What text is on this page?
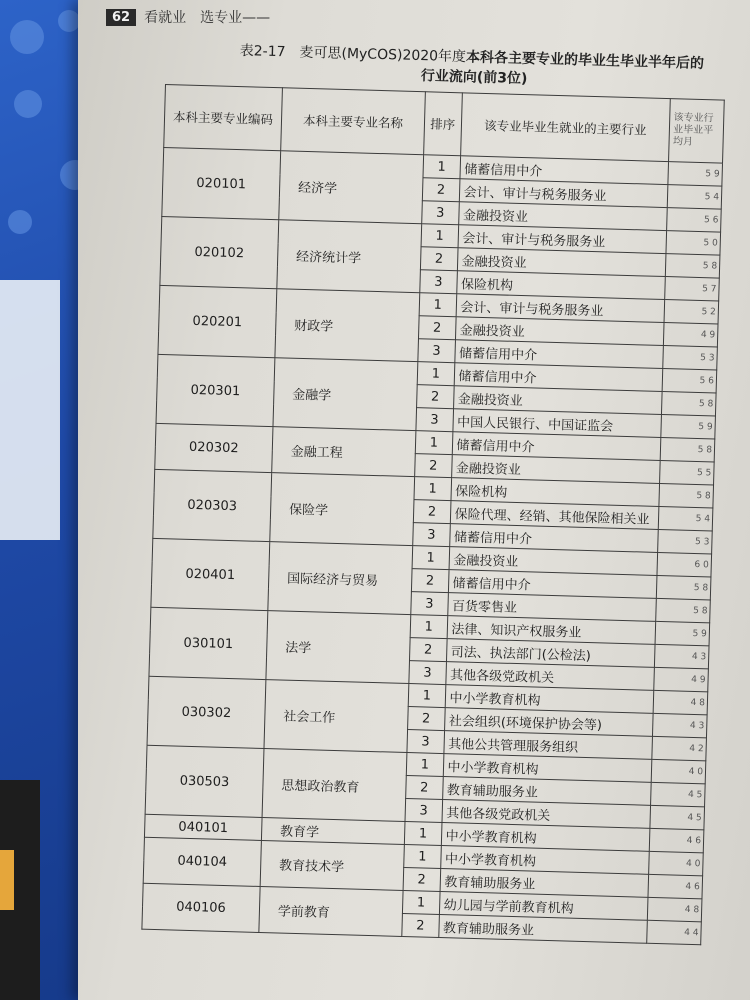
62	看就业　选专业——
表2-17　麦可思(MyCOS)2020年度本科各主要专业的毕业生毕业半年后的
行业流向(前3位)
本科主要专业编码	本科主要专业名称	排序	该专业毕业生就业的主要行业	该专业行业毕业平均月
020101	经济学	1	储蓄信用中介	5 9
		2	会计、审计与税务服务业	5 4
		3	金融投资业	5 6
020102	经济统计学	1	会计、审计与税务服务业	5 0
		2	金融投资业	5 8
		3	保险机构	5 7
020201	财政学	1	会计、审计与税务服务业	5 2
		2	金融投资业	4 9
		3	储蓄信用中介	5 3
020301	金融学	1	储蓄信用中介	5 6
		2	金融投资业	5 8
		3	中国人民银行、中国证监会	5 9
020302	金融工程	1	储蓄信用中介	5 8
		2	金融投资业	5 5
020303	保险学	1	保险机构	5 8
		2	保险代理、经销、其他保险相关业	5 4
		3	储蓄信用中介	5 3
020401	国际经济与贸易	1	金融投资业	6 0
		2	储蓄信用中介	5 8
		3	百货零售业	5 8
030101	法学	1	法律、知识产权服务业	5 9
		2	司法、执法部门(公检法)	4 3
		3	其他各级党政机关	4 9
030302	社会工作	1	中小学教育机构	4 8
		2	社会组织(环境保护协会等)	4 3
		3	其他公共管理服务组织	4 2
030503	思想政治教育	1	中小学教育机构	4 0
		2	教育辅助服务业	4 5
		3	其他各级党政机关	4 5
040101	教育学	1	中小学教育机构	4 6
040104	教育技术学	1	中小学教育机构	4 0
		2	教育辅助服务业	4 6
040106	学前教育	1	幼儿园与学前教育机构	4 8
		2	教育辅助服务业	4 4
